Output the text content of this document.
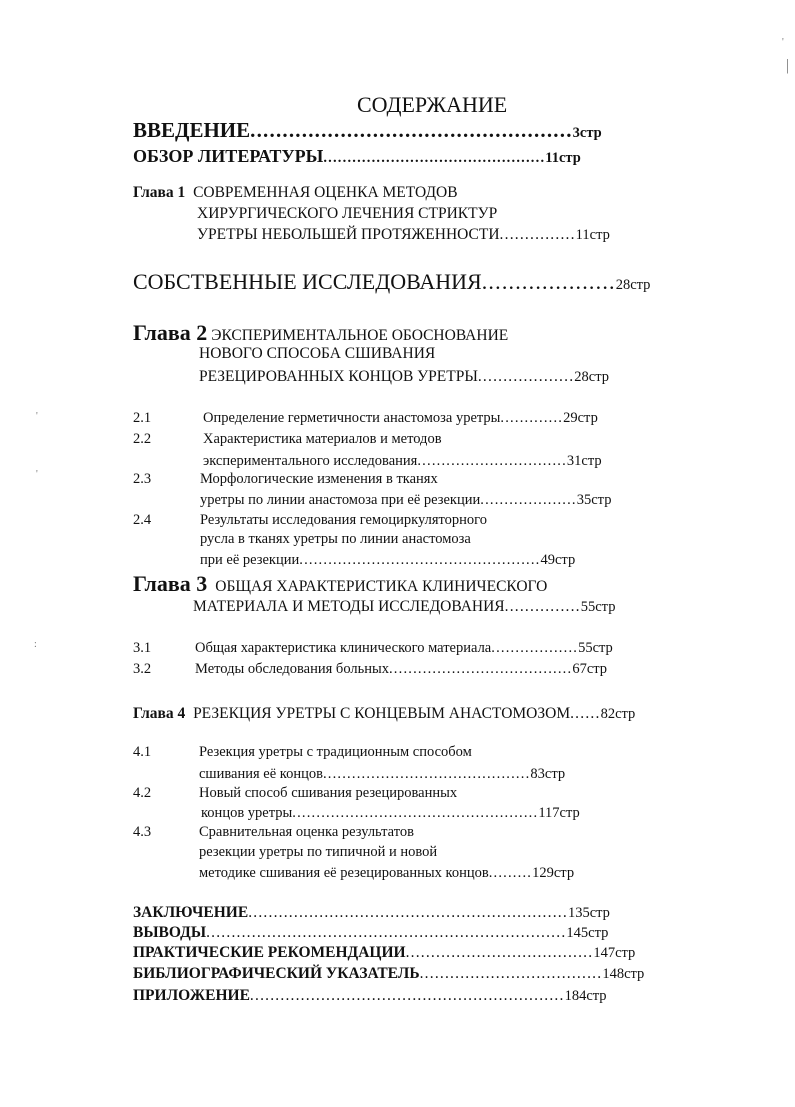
'
|
'
'
:
СОДЕРЖАНИЕ
ВВЕДЕНИЕ..................................................3стр
ОБЗОР ЛИТЕРАТУРЫ..............................................11стр
Глава 1 СОВРЕМЕННАЯ ОЦЕНКА МЕТОДОВ
ХИРУРГИЧЕСКОГО ЛЕЧЕНИЯ СТРИКТУР
УРЕТРЫ НЕБОЛЬШЕЙ ПРОТЯЖЕННОСТИ...............11стр
СОБСТВЕННЫЕ ИССЛЕДОВАНИЯ....................28стр
Глава 2 ЭКСПЕРИМЕНТАЛЬНОЕ ОБОСНОВАНИЕ
НОВОГО СПОСОБА СШИВАНИЯ
РЕЗЕЦИРОВАННЫХ КОНЦОВ УРЕТРЫ...................28стр
2.1	Определение герметичности анастомоза уретры.............29стр
2.2	Характеристика материалов и методов
экспериментального исследования...............................31стр
2.3	Морфологические изменения в тканях
уретры по линии анастомоза при её резекции....................35стр
2.4	Результаты исследования гемоциркуляторного
русла в тканях уретры по линии анастомоза
при её резекции..................................................49стр
Глава 3 ОБЩАЯ ХАРАКТЕРИСТИКА КЛИНИЧЕСКОГО
МАТЕРИАЛА И МЕТОДЫ ИССЛЕДОВАНИЯ...............55стр
3.1	Общая характеристика клинического материала..................55стр
3.2	Методы обследования больных......................................67стр
Глава 4 РЕЗЕКЦИЯ УРЕТРЫ С КОНЦЕВЫМ АНАСТОМОЗОМ......82стр
4.1	Резекция уретры с традиционным способом
сшивания её концов...........................................83стр
4.2	Новый способ сшивания резецированных
концов уретры...................................................117стр
4.3	Сравнительная оценка результатов
резекции уретры по типичной и новой
методике сшивания её резецированных концов.........129стр
ЗАКЛЮЧЕНИЕ...............................................................135стр
ВЫВОДЫ.......................................................................145стр
ПРАКТИЧЕСКИЕ РЕКОМЕНДАЦИИ.....................................147стр
БИБЛИОГРАФИЧЕСКИЙ УКАЗАТЕЛЬ....................................148стр
ПРИЛОЖЕНИЕ..............................................................184стр
